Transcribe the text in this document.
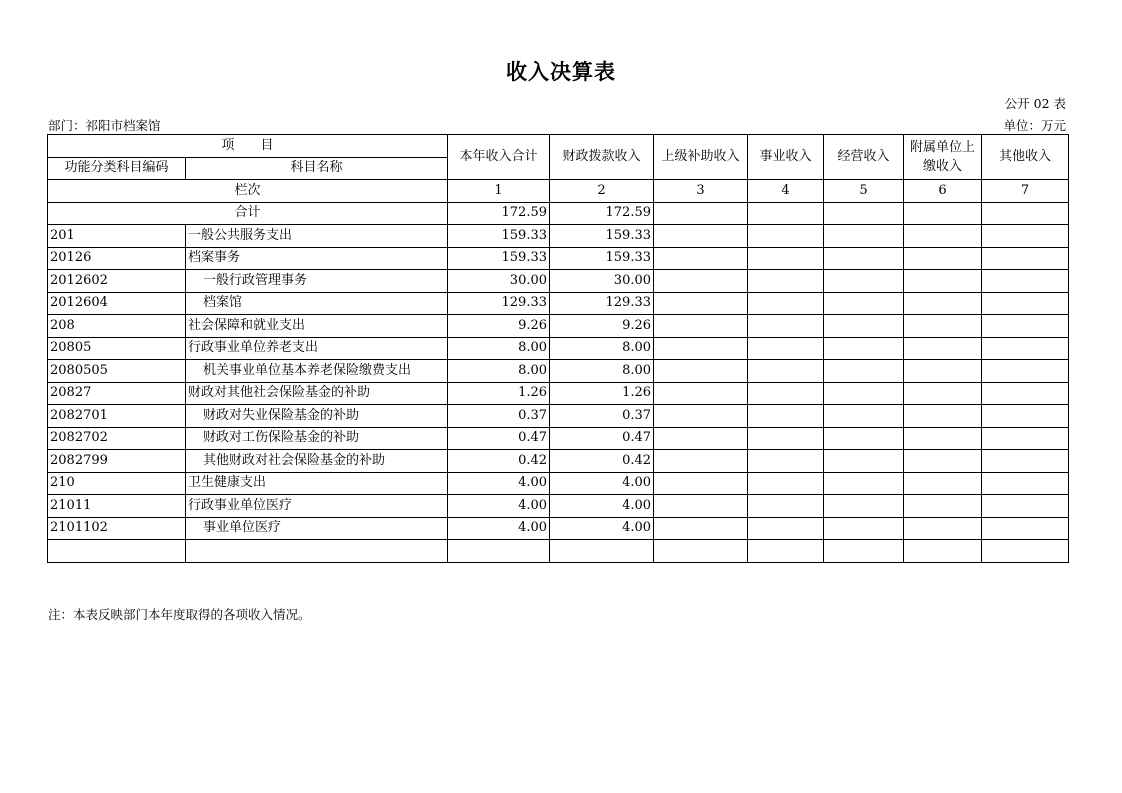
收入决算表
公开 02 表
部门：祁阳市档案馆	单位：万元
项　　目		本年收入合计	财政拨款收入	上级补助收入	事业收入	经营收入	附属单位上缴收入	其他收入
功能分类科目编码	科目名称							
栏次		1	2	3	4	5	6	7
合计		172.59	172.59					
201	一般公共服务支出	159.33	159.33					
20126	档案事务	159.33	159.33					
2012602	一般行政管理事务	30.00	30.00					
2012604	档案馆	129.33	129.33					
208	社会保障和就业支出	9.26	9.26					
20805	行政事业单位养老支出	8.00	8.00					
2080505	机关事业单位基本养老保险缴费支出	8.00	8.00					
20827	财政对其他社会保险基金的补助	1.26	1.26					
2082701	财政对失业保险基金的补助	0.37	0.37					
2082702	财政对工伤保险基金的补助	0.47	0.47					
2082799	其他财政对社会保险基金的补助	0.42	0.42					
210	卫生健康支出	4.00	4.00					
21011	行政事业单位医疗	4.00	4.00					
2101102	事业单位医疗	4.00	4.00					

注：本表反映部门本年度取得的各项收入情况。
